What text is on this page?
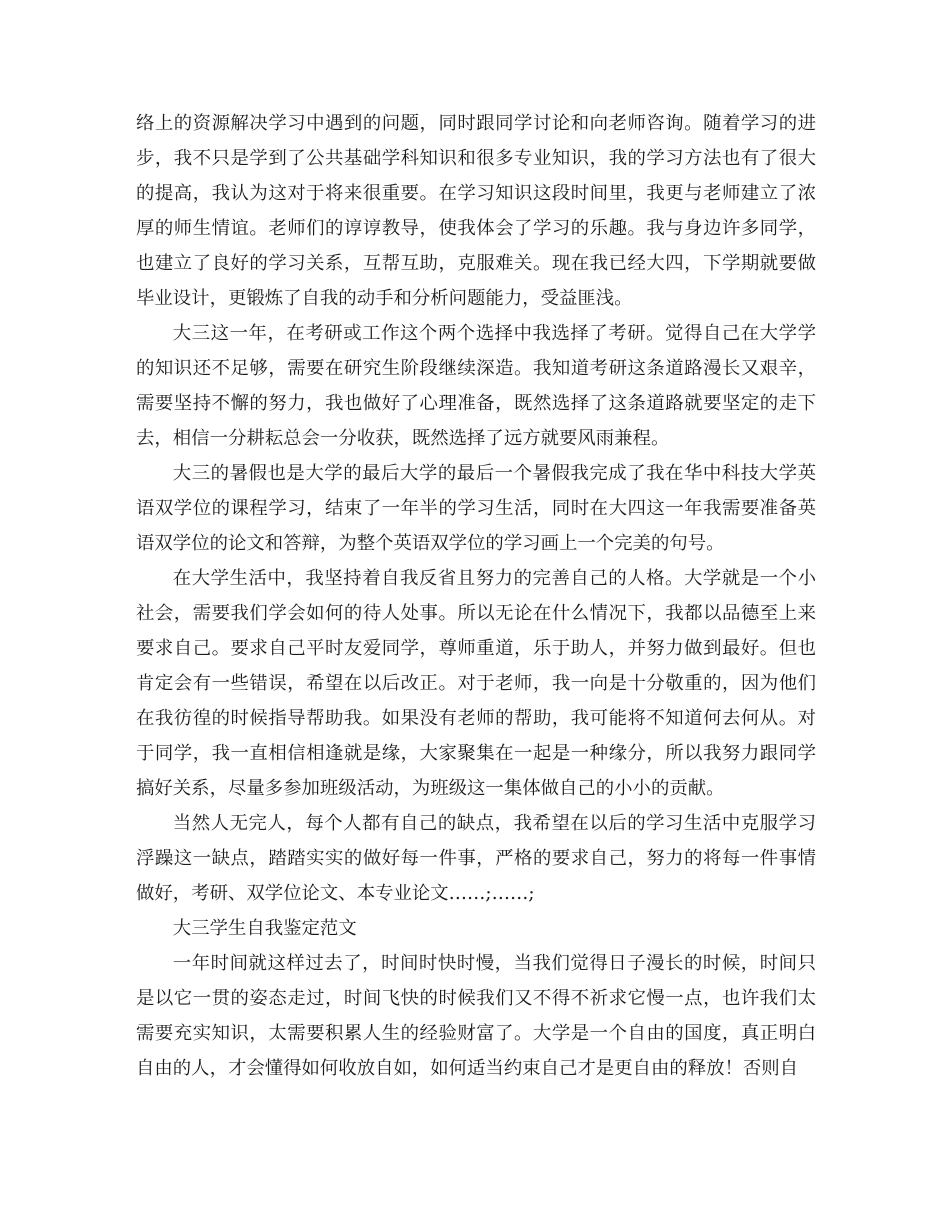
络上的资源解决学习中遇到的问题，同时跟同学讨论和向老师咨询。随着学习的进步，我不只是学到了公共基础学科知识和很多专业知识，我的学习方法也有了很大的提高，我认为这对于将来很重要。在学习知识这段时间里，我更与老师建立了浓厚的师生情谊。老师们的谆谆教导，使我体会了学习的乐趣。我与身边许多同学，也建立了良好的学习关系，互帮互助，克服难关。现在我已经大四，下学期就要做毕业设计，更锻炼了自我的动手和分析问题能力，受益匪浅。

大三这一年，在考研或工作这个两个选择中我选择了考研。觉得自己在大学学的知识还不足够，需要在研究生阶段继续深造。我知道考研这条道路漫长又艰辛，需要坚持不懈的努力，我也做好了心理准备，既然选择了这条道路就要坚定的走下去，相信一分耕耘总会一分收获，既然选择了远方就要风雨兼程。

大三的暑假也是大学的最后大学的最后一个暑假我完成了我在华中科技大学英语双学位的课程学习，结束了一年半的学习生活，同时在大四这一年我需要准备英语双学位的论文和答辩，为整个英语双学位的学习画上一个完美的句号。

在大学生活中，我坚持着自我反省且努力的完善自己的人格。大学就是一个小社会，需要我们学会如何的待人处事。所以无论在什么情况下，我都以品德至上来要求自己。要求自己平时友爱同学，尊师重道，乐于助人，并努力做到最好。但也肯定会有一些错误，希望在以后改正。对于老师，我一向是十分敬重的，因为他们在我彷徨的时候指导帮助我。如果没有老师的帮助，我可能将不知道何去何从。对于同学，我一直相信相逢就是缘，大家聚集在一起是一种缘分，所以我努力跟同学搞好关系，尽量多参加班级活动，为班级这一集体做自己的小小的贡献。

当然人无完人，每个人都有自己的缺点，我希望在以后的学习生活中克服学习浮躁这一缺点，踏踏实实的做好每一件事，严格的要求自己，努力的将每一件事情做好，考研、双学位论文、本专业论文……;……;

大三学生自我鉴定范文

一年时间就这样过去了，时间时快时慢，当我们觉得日子漫长的时候，时间只是以它一贯的姿态走过，时间飞快的时候我们又不得不祈求它慢一点，也许我们太需要充实知识，太需要积累人生的经验财富了。大学是一个自由的国度，真正明白自由的人，才会懂得如何收放自如，如何适当约束自己才是更自由的释放！否则自
